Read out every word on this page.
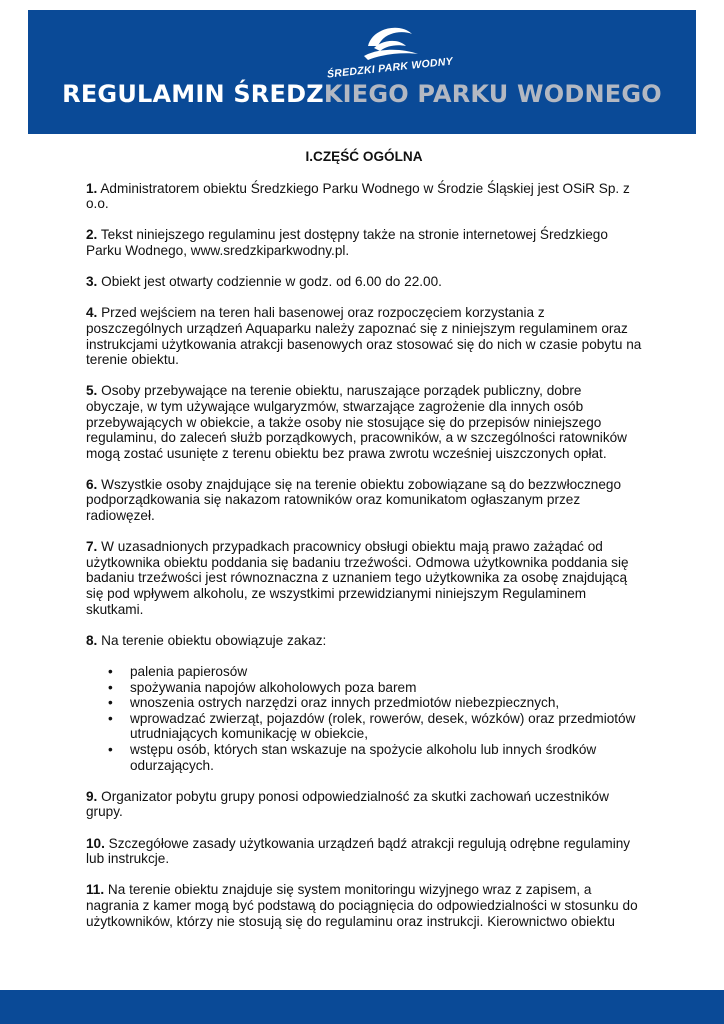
ŚREDZKI PARK WODNY
REGULAMIN ŚREDZKIEGO PARKU WODNEGO
I.CZĘŚĆ OGÓLNA

1. Administratorem obiektu Średzkiego Parku Wodnego w Środzie Śląskiej jest OSiR Sp. z o.o.

2. Tekst niniejszego regulaminu jest dostępny także na stronie internetowej Średzkiego Parku Wodnego, www.sredzkiparkwodny.pl.

3. Obiekt jest otwarty codziennie w godz. od 6.00 do 22.00.

4. Przed wejściem na teren hali basenowej oraz rozpoczęciem korzystania z poszczególnych urządzeń Aquaparku należy zapoznać się z niniejszym regulaminem oraz instrukcjami użytkowania atrakcji basenowych oraz stosować się do nich w czasie pobytu na terenie obiektu.

5. Osoby przebywające na terenie obiektu, naruszające porządek publiczny, dobre obyczaje, w tym używające wulgaryzmów, stwarzające zagrożenie dla innych osób przebywających w obiekcie, a także osoby nie stosujące się do przepisów niniejszego regulaminu, do zaleceń służb porządkowych, pracowników, a w szczególności ratowników mogą zostać usunięte z terenu obiektu bez prawa zwrotu wcześniej uiszczonych opłat.

6. Wszystkie osoby znajdujące się na terenie obiektu zobowiązane są do bezzwłocznego podporządkowania się nakazom ratowników oraz komunikatom ogłaszanym przez radiowęzeł.

7. W uzasadnionych przypadkach pracownicy obsługi obiektu mają prawo zażądać od użytkownika obiektu poddania się badaniu trzeźwości. Odmowa użytkownika poddania się badaniu trzeźwości jest równoznaczna z uznaniem tego użytkownika za osobę znajdującą się pod wpływem alkoholu, ze wszystkimi przewidzianymi niniejszym Regulaminem skutkami.

8. Na terenie obiektu obowiązuje zakaz:

• palenia papierosów
• spożywania napojów alkoholowych poza barem
• wnoszenia ostrych narzędzi oraz innych przedmiotów niebezpiecznych,
• wprowadzać zwierząt, pojazdów (rolek, rowerów, desek, wózków) oraz przedmiotów utrudniających komunikację w obiekcie,
• wstępu osób, których stan wskazuje na spożycie alkoholu lub innych środków odurzających.

9. Organizator pobytu grupy ponosi odpowiedzialność za skutki zachowań uczestników grupy.

10. Szczegółowe zasady użytkowania urządzeń bądź atrakcji regulują odrębne regulaminy lub instrukcje.

11. Na terenie obiektu znajduje się system monitoringu wizyjnego wraz z zapisem, a nagrania z kamer mogą być podstawą do pociągnięcia do odpowiedzialności w stosunku do użytkowników, którzy nie stosują się do regulaminu oraz instrukcji. Kierownictwo obiektu
